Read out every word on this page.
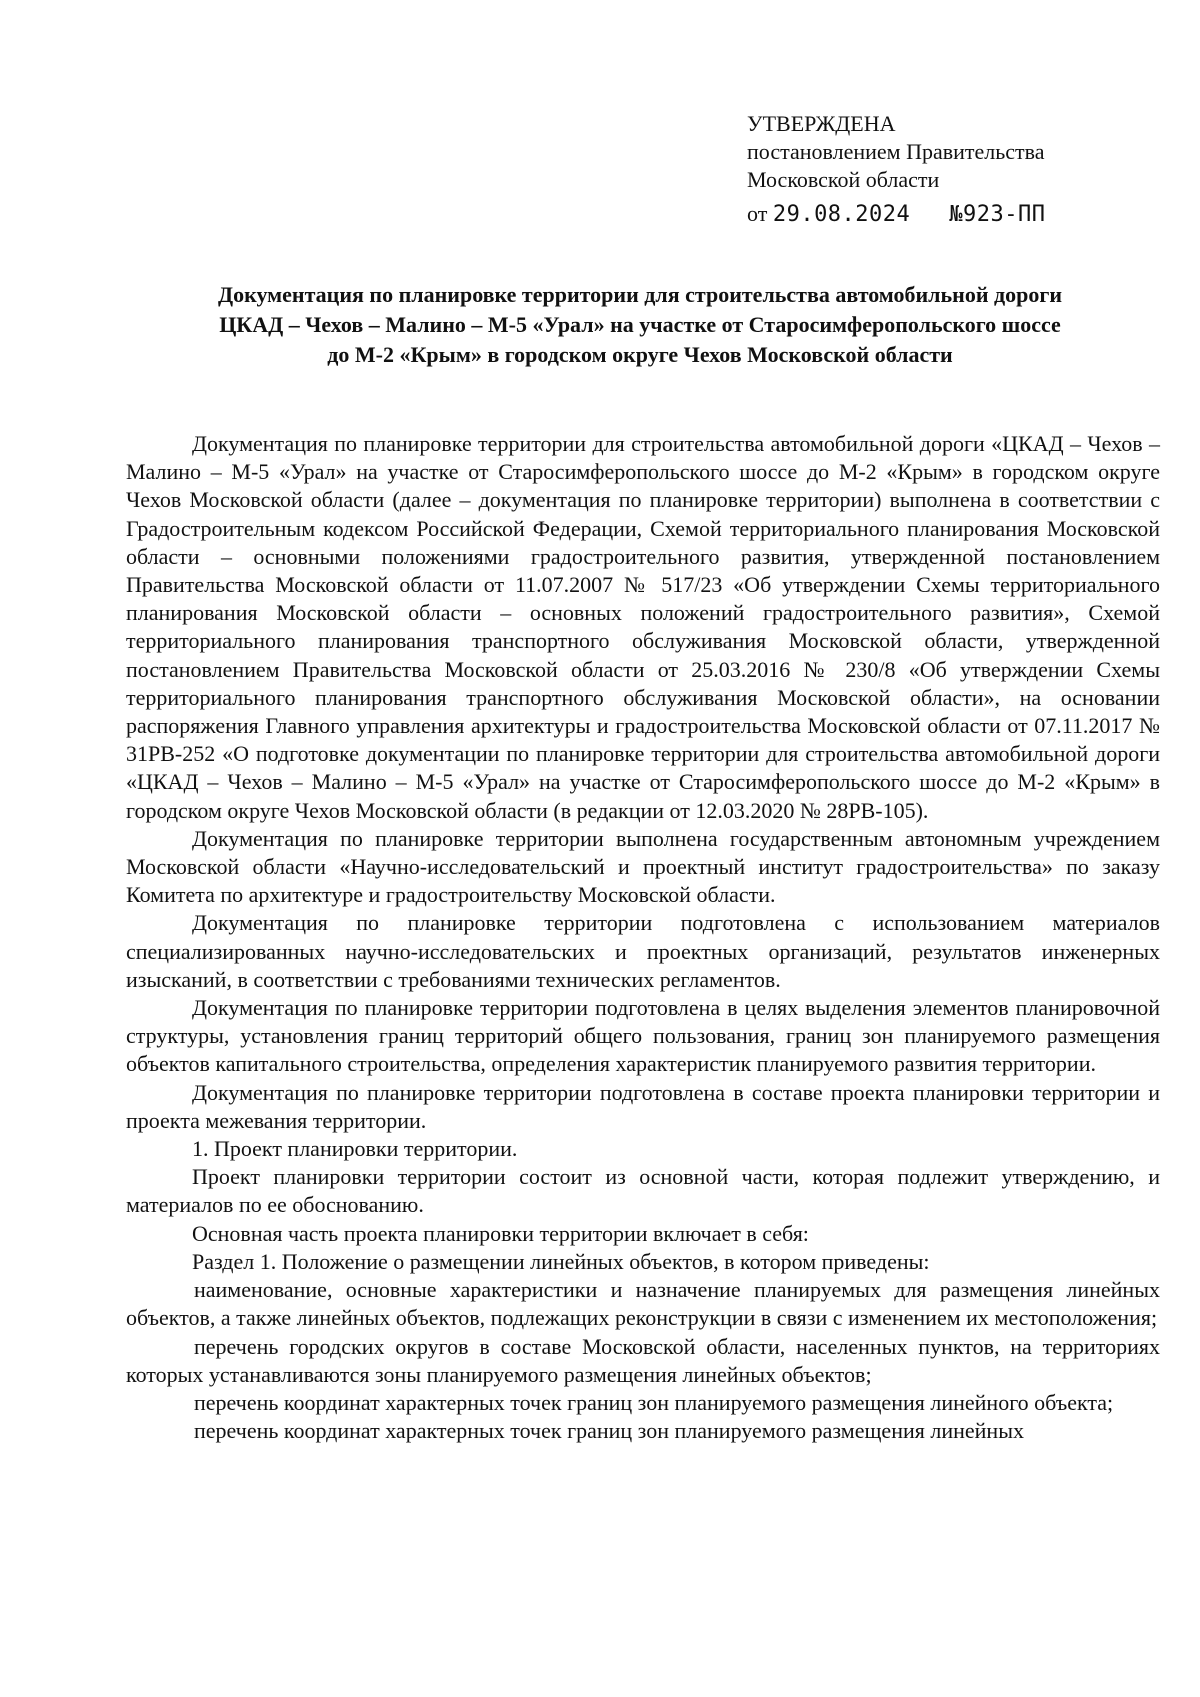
УТВЕРЖДЕНА
постановлением Правительства
Московской области
от 29.08.2024 №923-ПП
Документация по планировке территории для строительства автомобильной дороги
ЦКАД – Чехов – Малино – М-5 «Урал» на участке от Старосимферопольского шоссе
до М-2 «Крым» в городском округе Чехов Московской области

Документация по планировке территории для строительства автомобильной дороги «ЦКАД – Чехов – Малино – М-5 «Урал» на участке от Старосимферопольского шоссе до М-2 «Крым» в городском округе Чехов Московской области (далее – документация по планировке территории) выполнена в соответствии с Градостроительным кодексом Российской Федерации, Схемой территориального планирования Московской области – основными положениями градостроительного развития, утвержденной постановлением Правительства Московской области от 11.07.2007 № 517/23 «Об утверждении Схемы территориального планирования Московской области – основных положений градостроительного развития», Схемой территориального планирования транспортного обслуживания Московской области, утвержденной постановлением Правительства Московской области от 25.03.2016 № 230/8 «Об утверждении Схемы территориального планирования транспортного обслуживания Московской области», на основании распоряжения Главного управления архитектуры и градостроительства Московской области от 07.11.2017 № 31РВ-252 «О подготовке документации по планировке территории для строительства автомобильной дороги «ЦКАД – Чехов – Малино – М-5 «Урал» на участке от Старосимферопольского шоссе до М-2 «Крым» в городском округе Чехов Московской области (в редакции от 12.03.2020 № 28РВ-105).

Документация по планировке территории выполнена государственным автономным учреждением Московской области «Научно-исследовательский и проектный институт градостроительства» по заказу Комитета по архитектуре и градостроительству Московской области.

Документация по планировке территории подготовлена с использованием материалов специализированных научно-исследовательских и проектных организаций, результатов инженерных изысканий, в соответствии с требованиями технических регламентов.

Документация по планировке территории подготовлена в целях выделения элементов планировочной структуры, установления границ территорий общего пользования, границ зон планируемого размещения объектов капитального строительства, определения характеристик планируемого развития территории.

Документация по планировке территории подготовлена в составе проекта планировки территории и проекта межевания территории.

1. Проект планировки территории.

Проект планировки территории состоит из основной части, которая подлежит утверждению, и материалов по ее обоснованию.

Основная часть проекта планировки территории включает в себя:

Раздел 1. Положение о размещении линейных объектов, в котором приведены:

наименование, основные характеристики и назначение планируемых для размещения линейных объектов, а также линейных объектов, подлежащих реконструкции в связи с изменением их местоположения;

перечень городских округов в составе Московской области, населенных пунктов, на территориях которых устанавливаются зоны планируемого размещения линейных объектов;

перечень координат характерных точек границ зон планируемого размещения линейного объекта;

перечень координат характерных точек границ зон планируемого размещения линейных
